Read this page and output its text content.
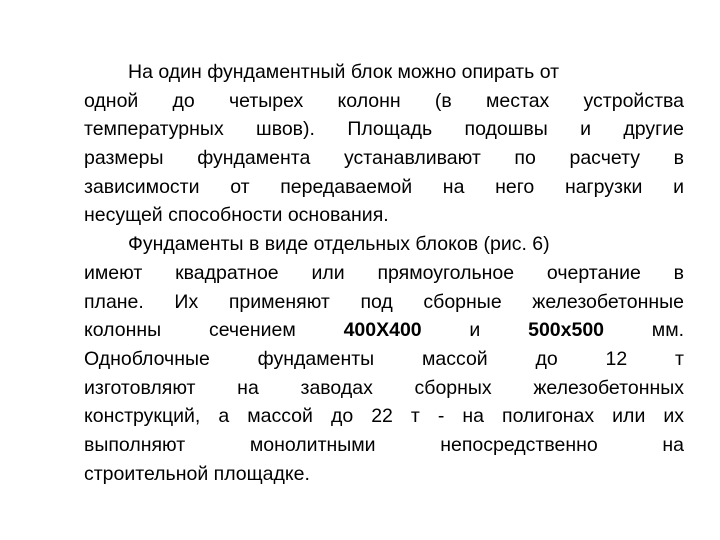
На один фундаментный блок можно опирать от
одной до четырех колонн (в местах устройства
температурных швов). Площадь подошвы и другие
размеры фундамента устанавливают по расчету в
зависимости от передаваемой на него нагрузки и
несущей способности основания.
Фундаменты в виде отдельных блоков (рис. 6)
имеют квадратное или прямоугольное очертание в
плане. Их применяют под сборные железобетонные
колонны сечением 400Х400 и 500х500 мм.
Одноблочные фундаменты массой до 12 т
изготовляют на заводах сборных железобетонных
конструкций, а массой до 22 т - на полигонах или их
выполняют монолитными непосредственно на
строительной площадке.
